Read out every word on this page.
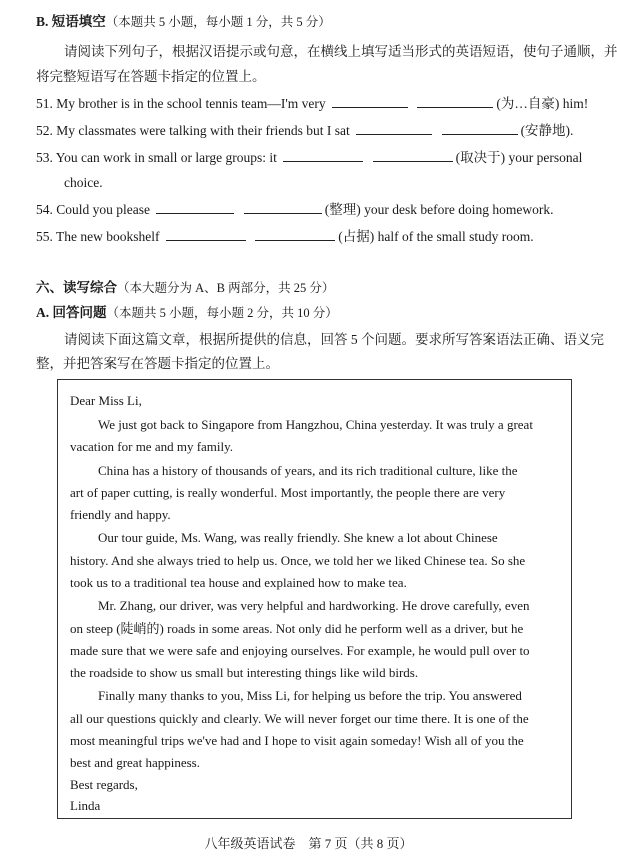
B. 短语填空（本题共 5 小题，每小题 1 分，共 5 分）
请阅读下列句子，根据汉语提示或句意，在横线上填写适当形式的英语短语，使句子通顺，并
将完整短语写在答题卡指定的位置上。
51. My brother is in the school tennis team—I'm very	(为…自豪) him!
52. My classmates were talking with their friends but I sat	(安静地).
53. You can work in small or large groups: it	(取决于) your personal
choice.
54. Could you please	(整理) your desk before doing homework.
55. The new bookshelf	(占据) half of the small study room.
六、读写综合（本大题分为 A、B 两部分，共 25 分）
A. 回答问题（本题共 5 小题，每小题 2 分，共 10 分）
请阅读下面这篇文章，根据所提供的信息，回答 5 个问题。要求所写答案语法正确、语义完
整，并把答案写在答题卡指定的位置上。
Dear Miss Li,
We just got back to Singapore from Hangzhou, China yesterday. It was truly a great
vacation for me and my family.
China has a history of thousands of years, and its rich traditional culture, like the
art of paper cutting, is really wonderful. Most importantly, the people there are very
friendly and happy.
Our tour guide, Ms. Wang, was really friendly. She knew a lot about Chinese
history. And she always tried to help us. Once, we told her we liked Chinese tea. So she
took us to a traditional tea house and explained how to make tea.
Mr. Zhang, our driver, was very helpful and hardworking. He drove carefully, even
on steep (陡峭的) roads in some areas. Not only did he perform well as a driver, but he
made sure that we were safe and enjoying ourselves. For example, he would pull over to
the roadside to show us small but interesting things like wild birds.
Finally many thanks to you, Miss Li, for helping us before the trip. You answered
all our questions quickly and clearly. We will never forget our time there. It is one of the
most meaningful trips we've had and I hope to visit again someday! Wish all of you the
best and great happiness.
Best regards,
Linda
八年级英语试卷　第 7 页（共 8 页）
